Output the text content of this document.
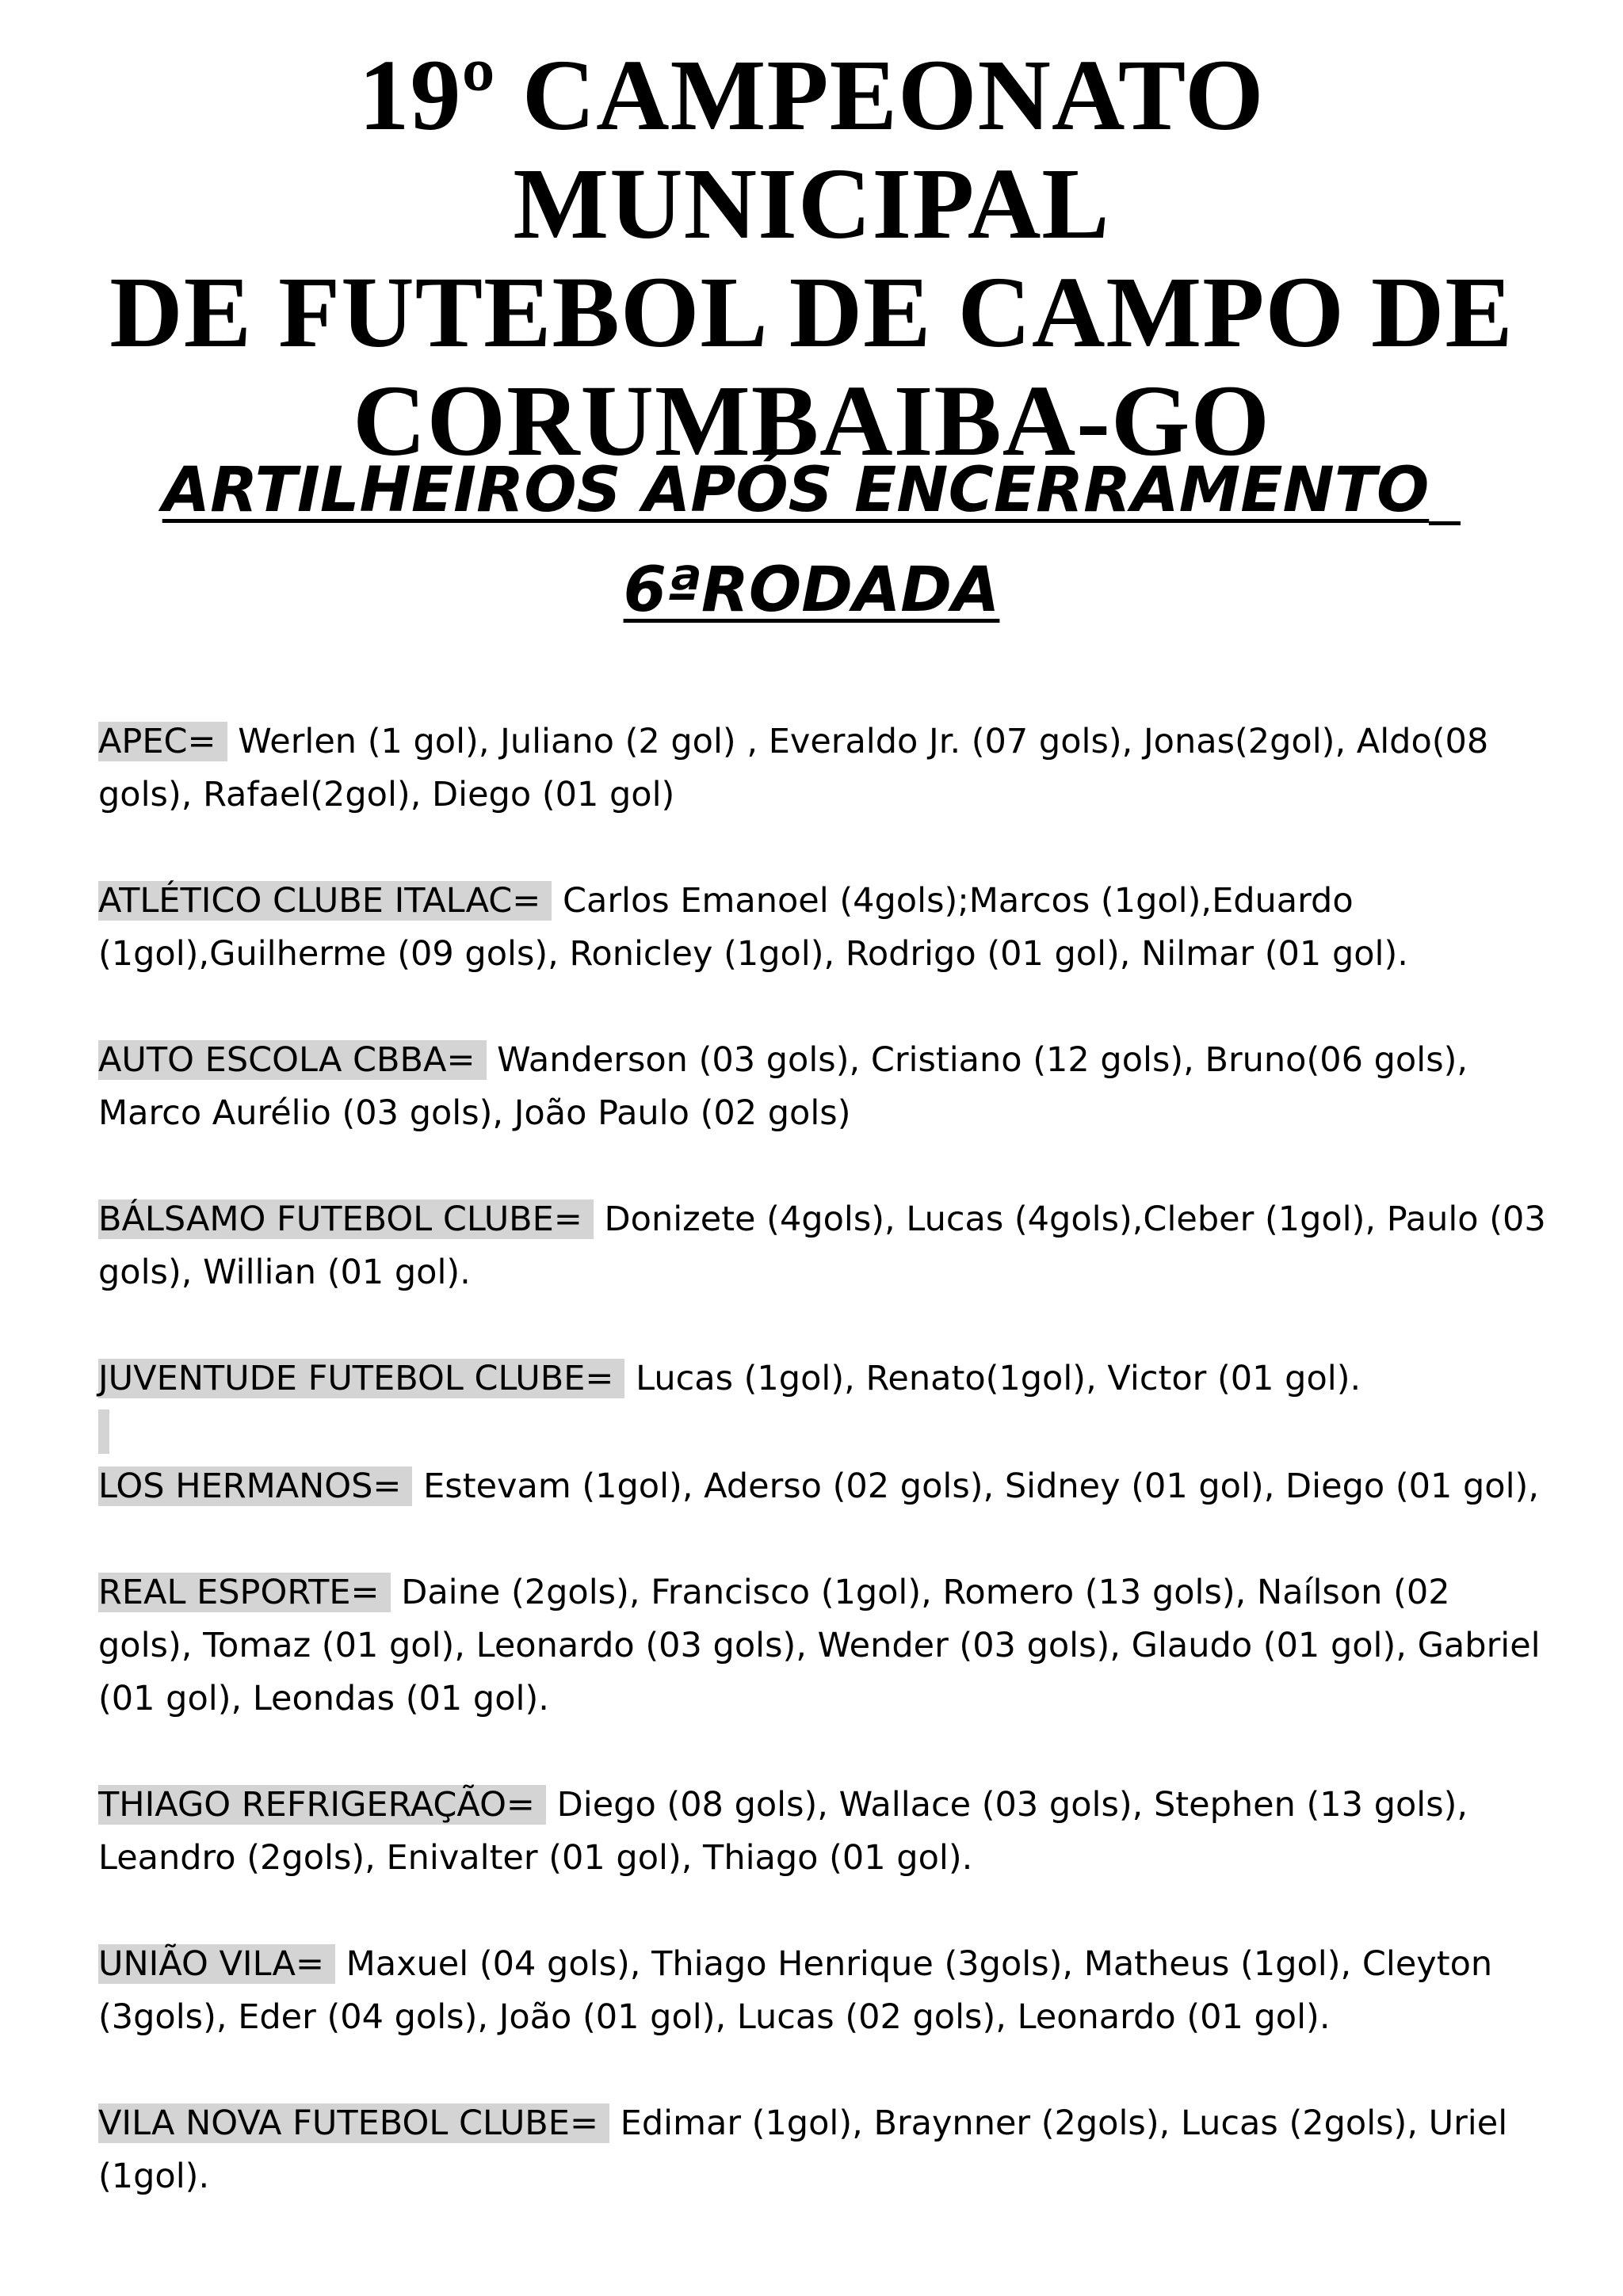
19º CAMPEONATO MUNICIPAL
DE FUTEBOL DE CAMPO DE
CORUMBAIBA-GO
ARTILHEIROS APÓS ENCERRAMENTO
6ªRODADA
APEC= Werlen (1 gol), Juliano (2 gol) , Everaldo Jr. (07 gols), Jonas(2gol), Aldo(08 gols), Rafael(2gol), Diego (01 gol)
ATLÉTICO CLUBE ITALAC= Carlos Emanoel (4gols);Marcos (1gol),Eduardo (1gol),Guilherme (09 gols), Ronicley (1gol), Rodrigo (01 gol), Nilmar (01 gol).
AUTO ESCOLA CBBA= Wanderson (03 gols), Cristiano (12 gols), Bruno(06 gols), Marco Aurélio (03 gols), João Paulo (02 gols)
BÁLSAMO FUTEBOL CLUBE= Donizete (4gols), Lucas (4gols),Cleber (1gol), Paulo (03 gols), Willian (01 gol).
JUVENTUDE FUTEBOL CLUBE= Lucas (1gol), Renato(1gol), Victor (01 gol).
LOS HERMANOS= Estevam (1gol), Aderso (02 gols), Sidney (01 gol), Diego (01 gol),
REAL ESPORTE= Daine (2gols), Francisco (1gol), Romero (13 gols), Naílson (02 gols), Tomaz (01 gol), Leonardo (03 gols), Wender (03 gols), Glaudo (01 gol), Gabriel (01 gol), Leondas (01 gol).
THIAGO REFRIGERAÇÃO= Diego (08 gols), Wallace (03 gols), Stephen (13 gols), Leandro (2gols), Enivalter (01 gol), Thiago (01 gol).
UNIÃO VILA= Maxuel (04 gols), Thiago Henrique (3gols), Matheus (1gol), Cleyton (3gols), Eder (04 gols), João (01 gol), Lucas (02 gols), Leonardo (01 gol).
VILA NOVA FUTEBOL CLUBE= Edimar (1gol), Braynner (2gols), Lucas (2gols), Uriel (1gol).
